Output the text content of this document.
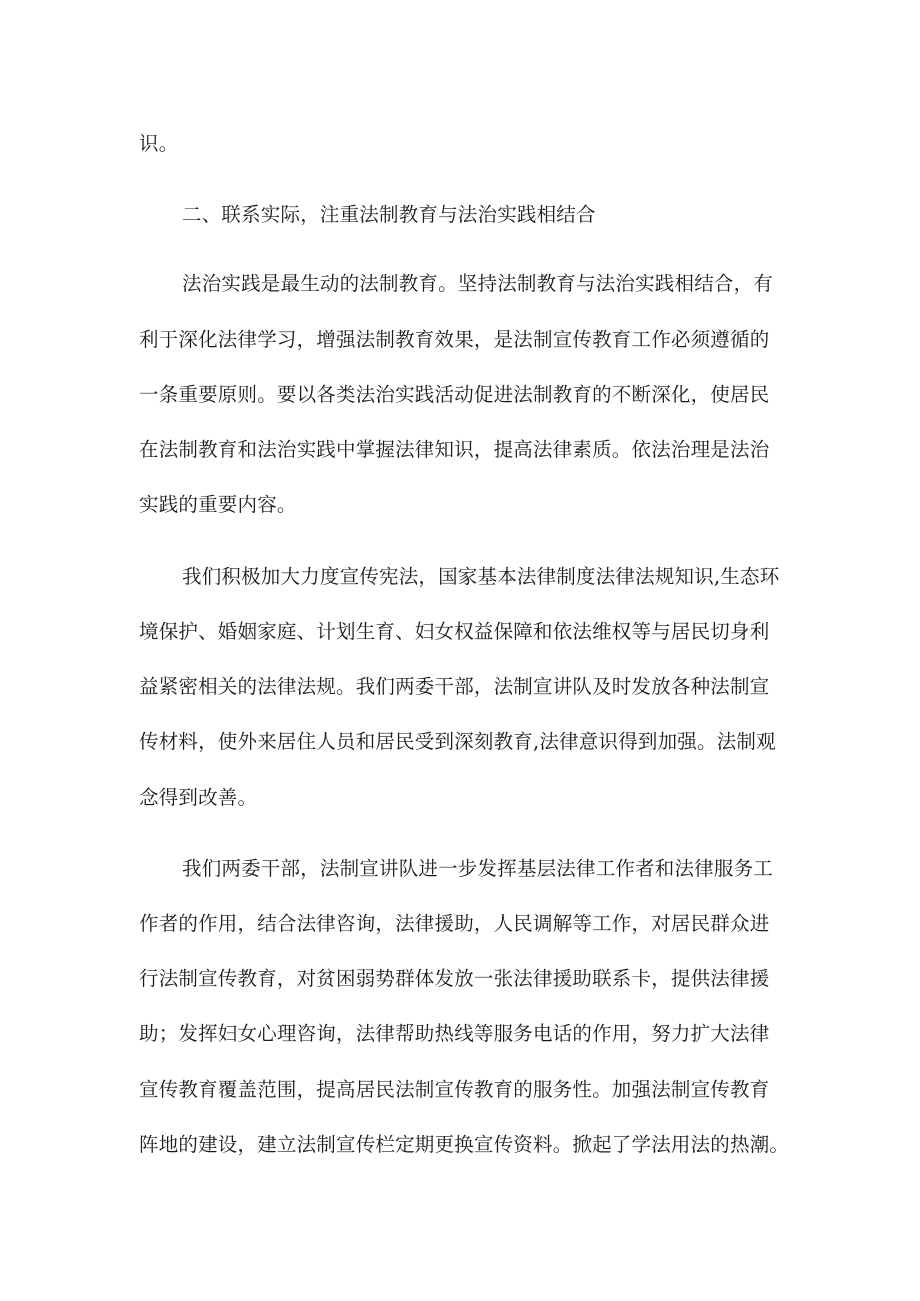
识。
二、联系实际，注重法制教育与法治实践相结合
法治实践是最生动的法制教育。坚持法制教育与法治实践相结合，有
利于深化法律学习，增强法制教育效果，是法制宣传教育工作必须遵循的
一条重要原则。要以各类法治实践活动促进法制教育的不断深化，使居民
在法制教育和法治实践中掌握法律知识，提高法律素质。依法治理是法治
实践的重要内容。
我们积极加大力度宣传宪法，国家基本法律制度法律法规知识,生态环
境保护、婚姻家庭、计划生育、妇女权益保障和依法维权等与居民切身利
益紧密相关的法律法规。我们两委干部，法制宣讲队及时发放各种法制宣
传材料，使外来居住人员和居民受到深刻教育,法律意识得到加强。法制观
念得到改善。
我们两委干部，法制宣讲队进一步发挥基层法律工作者和法律服务工
作者的作用，结合法律咨询，法律援助，人民调解等工作，对居民群众进
行法制宣传教育，对贫困弱势群体发放一张法律援助联系卡，提供法律援
助；发挥妇女心理咨询，法律帮助热线等服务电话的作用，努力扩大法律
宣传教育覆盖范围，提高居民法制宣传教育的服务性。加强法制宣传教育
阵地的建设，建立法制宣传栏定期更换宣传资料。掀起了学法用法的热潮。
